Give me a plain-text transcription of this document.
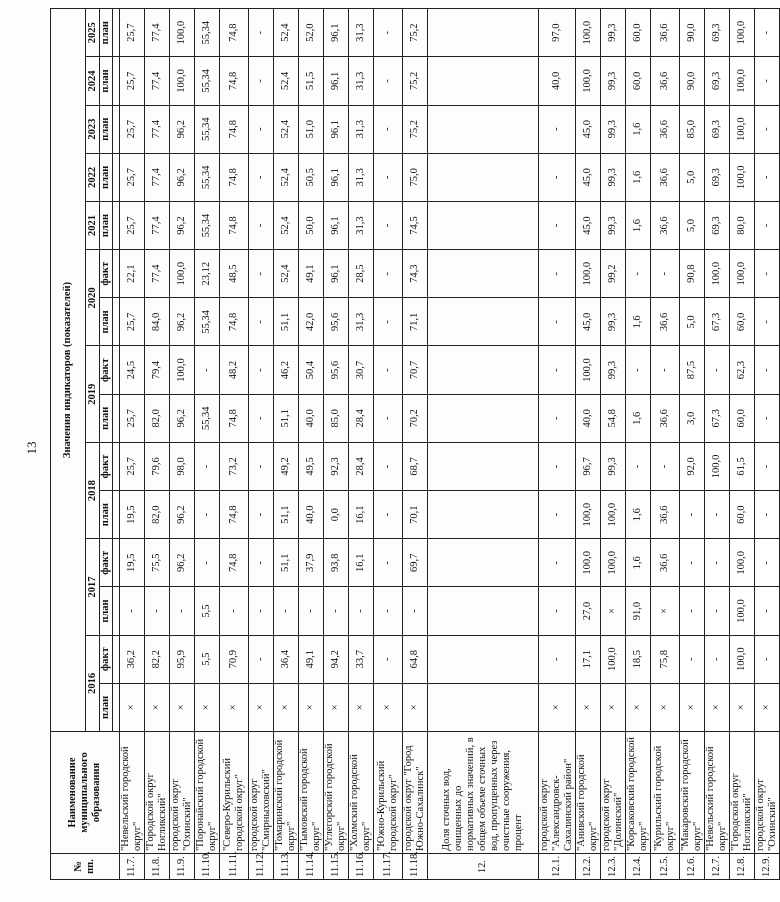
13
№ пп.	Наименование муниципального образования	Значения индикаторов (показателей)														
		2016		2017		2018		2019		2020		2021	2022	2023	2024	2025
		план	факт	план	факт	план	факт	план	факт	план	факт	план	план	план	план	план

11.7.	"Невельский городской округ"	×	36,2	-	19,5	19,5	25,7	25,7	24,5	25,7	22,1	25,7	25,7	25,7	25,7	25,7
11.8.	"Городской округ Ногликский"	×	82,2	-	75,5	82,0	79,6	82,0	79,4	84,0	77,4	77,4	77,4	77,4	77,4	77,4
11.9.	городской округ "Охинский"	×	95,9	-	96,2	96,2	98,0	96,2	100,0	96,2	100,0	96,2	96,2	96,2	100,0	100,0
11.10.	"Поронайский городской округ"	×	5,5	5,5	-	-	-	55,34	-	55,34	23,12	55,34	55,34	55,34	55,34	55,34
11.11.	"Северо-Курильский городской округ"	×	70,9	-	74,8	74,8	73,2	74,8	48,2	74,8	48,5	74,8	74,8	74,8	74,8	74,8
11.12.	городской округ "Смирныховский"	×	-	-	-	-	-	-	-	-	-	-	-	-	-	-
11.13.	"Томаринский городской округ"	×	36,4	-	51,1	51,1	49,2	51,1	46,2	51,1	52,4	52,4	52,4	52,4	52,4	52,4
11.14.	"Тымовский городской округ"	×	49,1	-	37,9	40,0	49,5	40,0	50,4	42,0	49,1	50,0	50,5	51,0	51,5	52,0
11.15.	"Углегорский городской округ"	×	94,2	-	93,8	0,0	92,3	85,0	95,6	95,6	96,1	96,1	96,1	96,1	96,1	96,1
11.16.	"Холмский городской округ"	×	33,7	-	16,1	16,1	28,4	28,4	30,7	31,3	28,5	31,3	31,3	31,3	31,3	31,3
11.17.	"Южно-Курильский городской округ"	×	-	-	-	-	-	-	-	-	-	-	-	-	-	-
11.18.	городской округ "Город Южно-Сахалинск"	×	64,8	-	69,7	70,1	68,7	70,2	70,7	71,1	74,3	74,5	75,0	75,2	75,2	75,2
12.	Доля сточных вод, очищенных до нормативных значений, в общем объеме сточных вод, пропущенных через очистные сооружения, процент															
12.1.	городской округ "Александровск-Сахалинский район"	×	-	-	-	-	-	-	-	-	-	-	-	-	40,0	97,0
12.2.	"Анивский городской округ"	×	17,1	27,0	100,0	100,0	96,7	40,0	100,0	45,0	100,0	45,0	45,0	45,0	100,0	100,0
12.3.	городской округ "Долинский"	×	100,0	×	100,0	100,0	99,3	54,8	99,3	99,3	99,2	99,3	99,3	99,3	99,3	99,3
12.4.	"Корсаковский городской округ"	×	18,5	91,0	1,6	1,6	-	1,6	-	1,6	-	1,6	1,6	1,6	60,0	60,0
12.5.	"Курильский городской округ"	×	75,8	×	36,6	36,6	-	36,6	-	36,6	-	36,6	36,6	36,6	36,6	36,6
12.6.	"Макаровский городской округ"	×	-	-	-	-	92,0	3,0	87,5	5,0	90,8	5,0	5,0	85,0	90,0	90,0
12.7.	"Невельский городской округ"	×	-	-	-	-	100,0	67,3	-	67,3	100,0	69,3	69,3	69,3	69,3	69,3
12.8.	"Городской округ Ногликский"	×	100,0	100,0	100,0	60,0	61,5	60,0	62,3	60,0	100,0	80,0	100,0	100,0	100,0	100,0
12.9.	городской округ "Охинский"	×	-	-	-	-	-	-	-	-	-	-	-	-	-	-
